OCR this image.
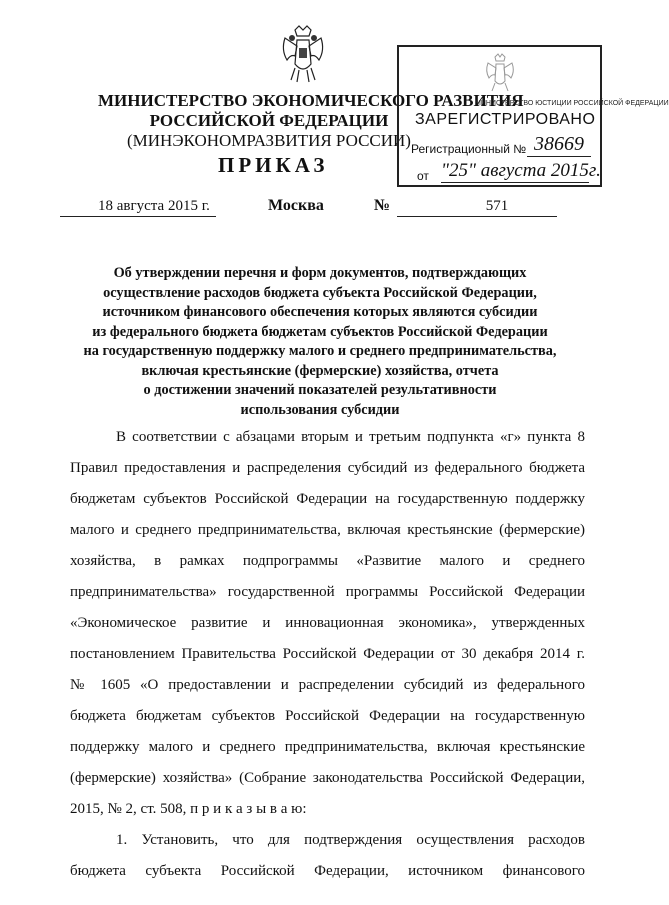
МИНИСТЕРСТВО ЭКОНОМИЧЕСКОГО РАЗВИТИЯ
РОССИЙСКОЙ ФЕДЕРАЦИИ
(МИНЭКОНОМРАЗВИТИЯ РОССИИ)
ПРИКАЗ
МИНИСТЕРСТВО ЮСТИЦИИ РОССИЙСКОЙ ФЕДЕРАЦИИ
ЗАРЕГИСТРИРОВАНО
Регистрационный № 38669
от "25" августа 2015г.
18 августа 2015 г.	Москва	№	571
Об утверждении перечня и форм документов, подтверждающих
осуществление расходов бюджета субъекта Российской Федерации,
источником финансового обеспечения которых являются субсидии
из федерального бюджета бюджетам субъектов Российской Федерации
на государственную поддержку малого и среднего предпринимательства,
включая крестьянские (фермерские) хозяйства, отчета
о достижении значений показателей результативности
использования субсидии
В соответствии с абзацами вторым и третьим подпункта «г» пункта 8
Правил предоставления и распределения субсидий из федерального бюджета
бюджетам субъектов Российской Федерации на государственную поддержку
малого и среднего предпринимательства, включая крестьянские (фермерские)
хозяйства, в рамках подпрограммы «Развитие малого и среднего
предпринимательства» государственной программы Российской Федерации
«Экономическое развитие и инновационная экономика», утвержденных
постановлением Правительства Российской Федерации от 30 декабря 2014 г.
№ 1605 «О предоставлении и распределении субсидий из федерального
бюджета бюджетам субъектов Российской Федерации на государственную
поддержку малого и среднего предпринимательства, включая крестьянские
(фермерские) хозяйства» (Собрание законодательства Российской Федерации,
2015, № 2, ст. 508, п р и к а з ы в а ю:
1. Установить, что для подтверждения осуществления расходов
бюджета субъекта Российской Федерации, источником финансового
